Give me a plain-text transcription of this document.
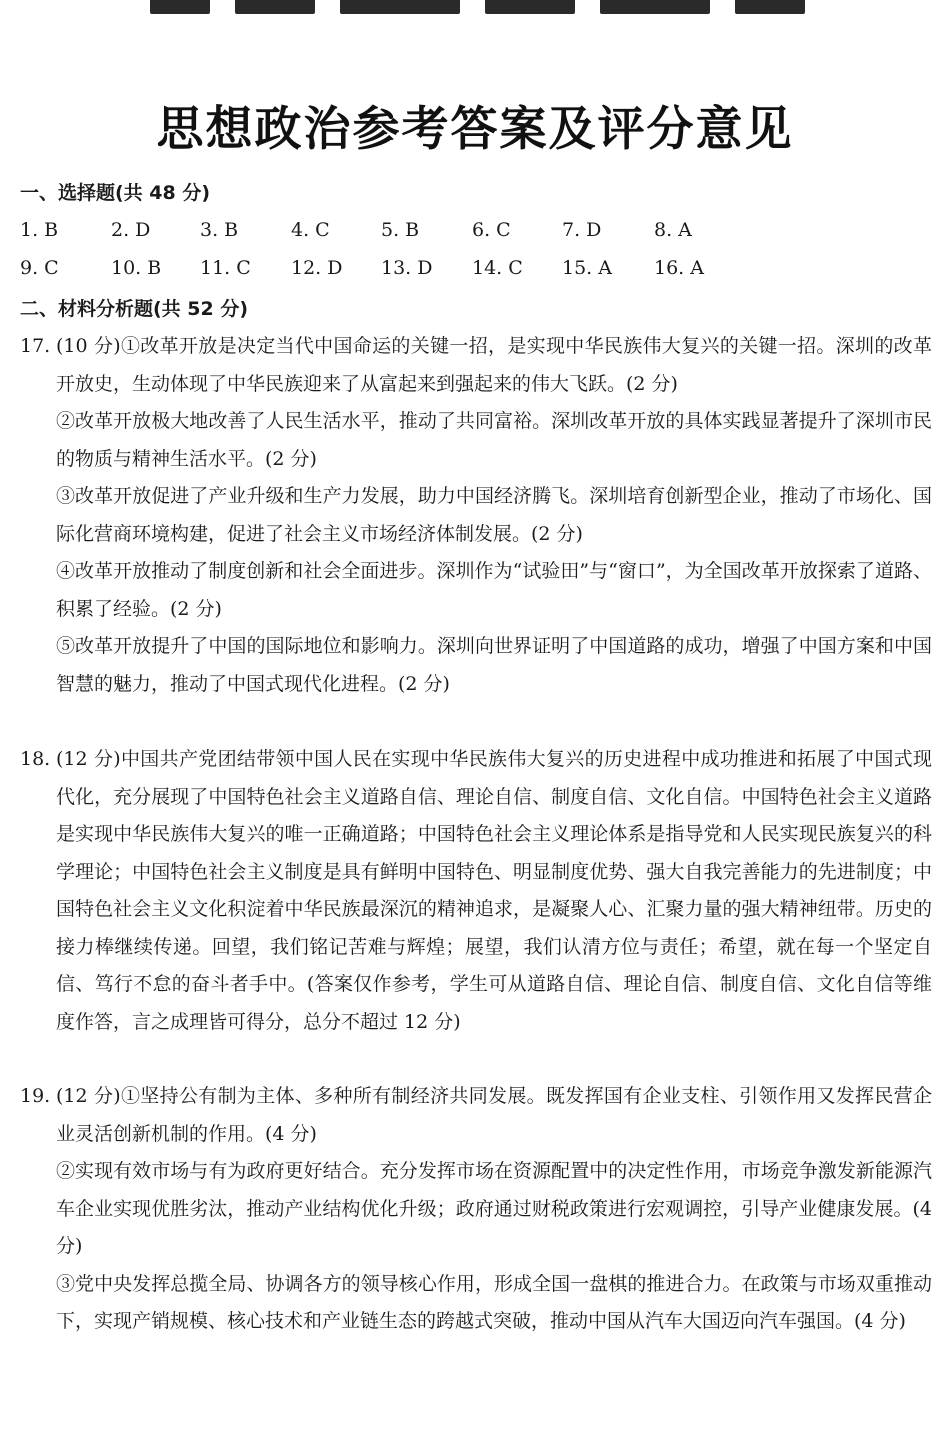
思想政治参考答案及评分意见
一、选择题(共 48 分)
1. B	2. D	3. B	4. C	5. B	6. C	7. D	8. A
9. C	10. B 11. C 12. D 13. D 14. C 15. A 16. A
二、材料分析题(共 52 分)
17. (10 分)①改革开放是决定当代中国命运的关键一招，是实现中华民族伟大复兴的关键一招。深圳的改革开放史，生动体现了中华民族迎来了从富起来到强起来的伟大飞跃。(2 分)

②改革开放极大地改善了人民生活水平，推动了共同富裕。深圳改革开放的具体实践显著提升了深圳市民的物质与精神生活水平。(2 分)

③改革开放促进了产业升级和生产力发展，助力中国经济腾飞。深圳培育创新型企业，推动了市场化、国际化营商环境构建，促进了社会主义市场经济体制发展。(2 分)

④改革开放推动了制度创新和社会全面进步。深圳作为“试验田”与“窗口”，为全国改革开放探索了道路、积累了经验。(2 分)

⑤改革开放提升了中国的国际地位和影响力。深圳向世界证明了中国道路的成功，增强了中国方案和中国智慧的魅力，推动了中国式现代化进程。(2 分)

18. (12 分)中国共产党团结带领中国人民在实现中华民族伟大复兴的历史进程中成功推进和拓展了中国式现代化，充分展现了中国特色社会主义道路自信、理论自信、制度自信、文化自信。中国特色社会主义道路是实现中华民族伟大复兴的唯一正确道路；中国特色社会主义理论体系是指导党和人民实现民族复兴的科学理论；中国特色社会主义制度是具有鲜明中国特色、明显制度优势、强大自我完善能力的先进制度；中国特色社会主义文化积淀着中华民族最深沉的精神追求，是凝聚人心、汇聚力量的强大精神纽带。历史的接力棒继续传递。回望，我们铭记苦难与辉煌；展望，我们认清方位与责任；希望，就在每一个坚定自信、笃行不怠的奋斗者手中。(答案仅作参考，学生可从道路自信、理论自信、制度自信、文化自信等维度作答，言之成理皆可得分，总分不超过 12 分)

19. (12 分)①坚持公有制为主体、多种所有制经济共同发展。既发挥国有企业支柱、引领作用又发挥民营企业灵活创新机制的作用。(4 分)

②实现有效市场与有为政府更好结合。充分发挥市场在资源配置中的决定性作用，市场竞争激发新能源汽车企业实现优胜劣汰，推动产业结构优化升级；政府通过财税政策进行宏观调控，引导产业健康发展。(4 分)

③党中央发挥总揽全局、协调各方的领导核心作用，形成全国一盘棋的推进合力。在政策与市场双重推动下，实现产销规模、核心技术和产业链生态的跨越式突破，推动中国从汽车大国迈向汽车强国。(4 分)
